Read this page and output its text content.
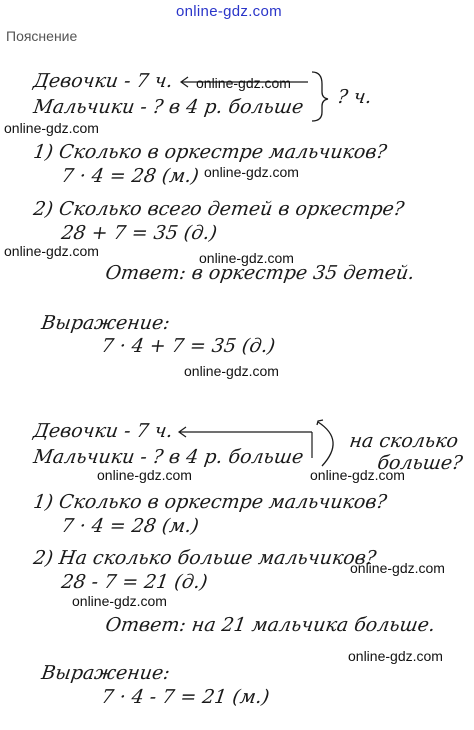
online-gdz.com
Пояснение
Девочки - 7 ч. online-gdz.com
Мальчики - ? в 4 р. больше ? ч.
online-gdz.com
1) Сколько в оркестре мальчиков?
7 · 4 = 28 (м.) online-gdz.com
2) Сколько всего детей в оркестре?
28 + 7 = 35 (д.)
online-gdz.com	online-gdz.com
Ответ: в оркестре 35 детей.
Выражение:
7 · 4 + 7 = 35 (д.)
online-gdz.com
Девочки - 7 ч.
Мальчики - ? в 4 р. больше
на сколько
больше?
online-gdz.com	online-gdz.com
1) Сколько в оркестре мальчиков?
7 · 4 = 28 (м.)
2) На сколько больше мальчиков?
online-gdz.com
28 - 7 = 21 (д.)
online-gdz.com
Ответ: на 21 мальчика больше.
online-gdz.com
Выражение:
7 · 4 - 7 = 21 (м.)
